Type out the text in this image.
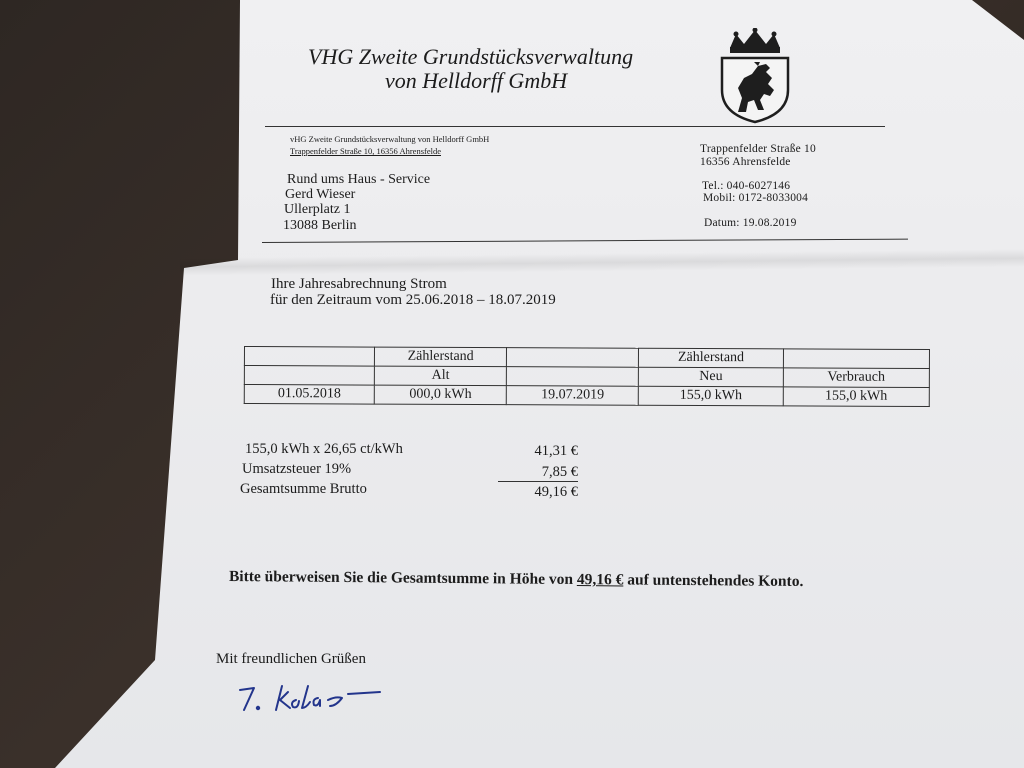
VHG Zweite Grundstücksverwaltung
von Helldorff GmbH
vHG Zweite Grundstücksverwaltung von Helldorff GmbH
Trappenfelder Straße 10, 16356 Ahrensfelde
Rund ums Haus - Service
Gerd Wieser
Ullerplatz 1
13088 Berlin
Trappenfelder Straße 10
16356 Ahrensfelde
Tel.: 040-6027146
Mobil: 0172-8033004
Datum: 19.08.2019
Ihre Jahresabrechnung Strom
für den Zeitraum vom 25.06.2018 – 18.07.2019
	Zählerstand		Zählerstand	
	Alt		Neu	Verbrauch
01.05.2018	000,0 kWh	19.07.2019	155,0 kWh	155,0 kWh
155,0 kWh x 26,65 ct/kWh	41,31 €
Umsatzsteuer 19%	7,85 €
Gesamtsumme Brutto	49,16 €
Bitte überweisen Sie die Gesamtsumme in Höhe von 49,16 € auf untenstehendes Konto.
Mit freundlichen Grüßen
